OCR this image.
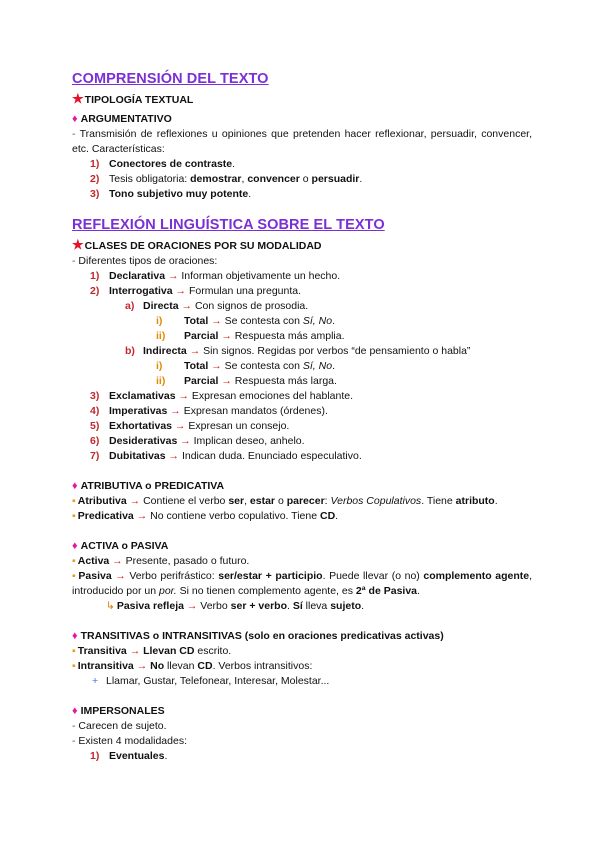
COMPRENSIÓN DEL TEXTO
★TIPOLOGÍA TEXTUAL
♦ ARGUMENTATIVO
- Transmisión de reflexiones u opiniones que pretenden hacer reflexionar, persuadir, convencer, etc. Características:
1) Conectores de contraste.
2) Tesis obligatoria: demostrar, convencer o persuadir.
3) Tono subjetivo muy potente.
REFLEXIÓN LINGUÍSTICA SOBRE EL TEXTO
★CLASES DE ORACIONES POR SU MODALIDAD
- Diferentes tipos de oraciones:
1) Declarativa → Informan objetivamente un hecho.
2) Interrogativa → Formulan una pregunta.
a) Directa → Con signos de prosodia.
i) Total → Se contesta con Sí, No.
ii) Parcial → Respuesta más amplia.
b) Indirecta → Sin signos. Regidas por verbos “de pensamiento o habla”
i) Total → Se contesta con Sí, No.
ii) Parcial → Respuesta más larga.
3) Exclamativas → Expresan emociones del hablante.
4) Imperativas → Expresan mandatos (órdenes).
5) Exhortativas → Expresan un consejo.
6) Desiderativas → Implican deseo, anhelo.
7) Dubitativas → Indican duda. Enunciado especulativo.
♦ ATRIBUTIVA o PREDICATIVA
▪ Atributiva → Contiene el verbo ser, estar o parecer: Verbos Copulativos. Tiene atributo.
▪ Predicativa → No contiene verbo copulativo. Tiene CD.
♦ ACTIVA o PASIVA
▪ Activa → Presente, pasado o futuro.
▪ Pasiva → Verbo perifrástico: ser/estar + participio. Puede llevar (o no) complemento agente, introducido por un por. Si no tienen complemento agente, es 2ª de Pasiva.
↳ Pasiva refleja → Verbo ser + verbo. Sí lleva sujeto.
♦ TRANSITIVAS o INTRANSITIVAS (solo en oraciones predicativas activas)
▪ Transitiva → Llevan CD escrito.
▪ Intransitiva → No llevan CD. Verbos intransitivos:
+ Llamar, Gustar, Telefonear, Interesar, Molestar...
♦ IMPERSONALES
- Carecen de sujeto.
- Existen 4 modalidades:
1) Eventuales.
